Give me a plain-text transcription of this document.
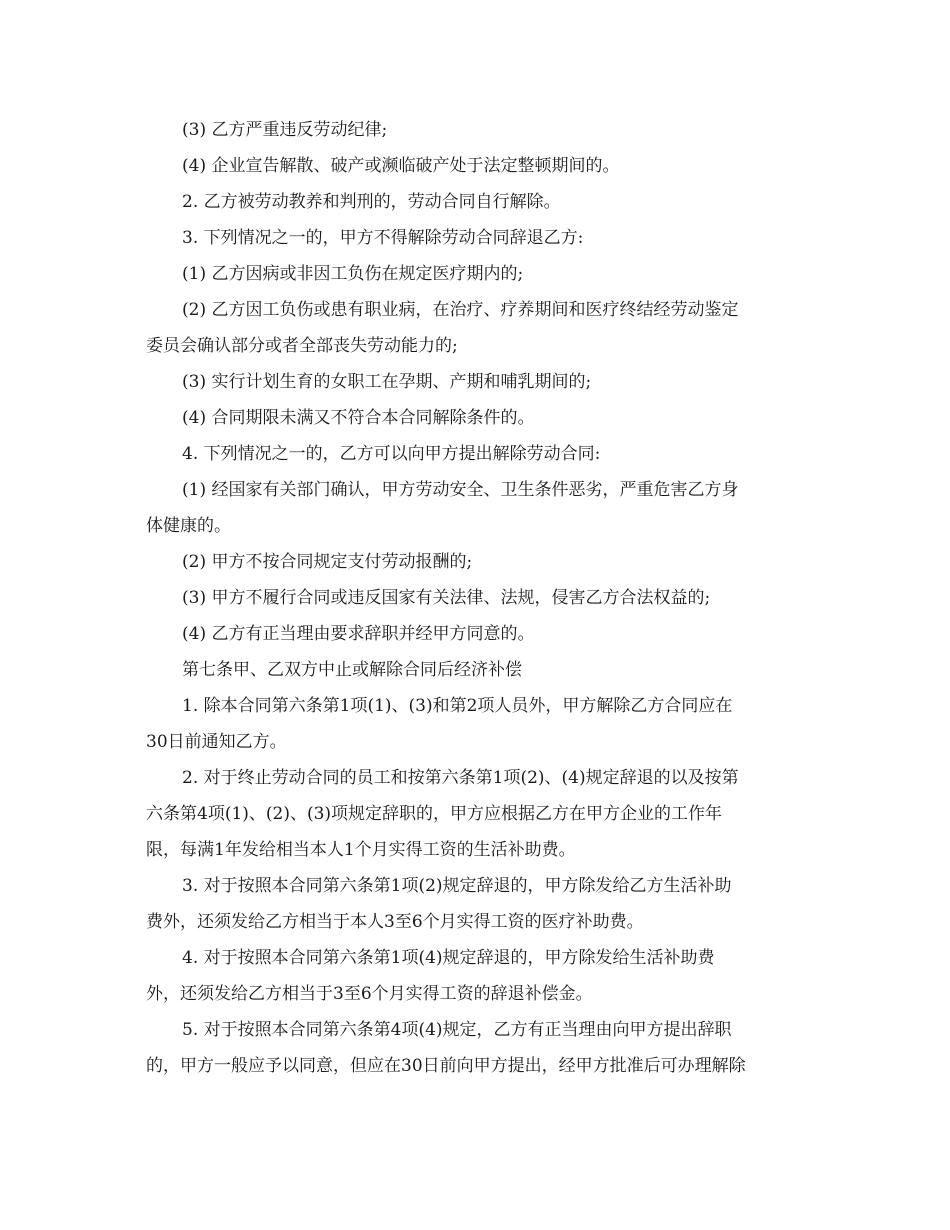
(3) 乙方严重违反劳动纪律;
(4) 企业宣告解散、破产或濒临破产处于法定整顿期间的。
2. 乙方被劳动教养和判刑的，劳动合同自行解除。
3. 下列情况之一的，甲方不得解除劳动合同辞退乙方:
(1) 乙方因病或非因工负伤在规定医疗期内的;
(2) 乙方因工负伤或患有职业病，在治疗、疗养期间和医疗终结经劳动鉴定
委员会确认部分或者全部丧失劳动能力的;
(3) 实行计划生育的女职工在孕期、产期和哺乳期间的;
(4) 合同期限未满又不符合本合同解除条件的。
4. 下列情况之一的，乙方可以向甲方提出解除劳动合同:
(1) 经国家有关部门确认，甲方劳动安全、卫生条件恶劣，严重危害乙方身
体健康的。
(2) 甲方不按合同规定支付劳动报酬的;
(3) 甲方不履行合同或违反国家有关法律、法规，侵害乙方合法权益的;
(4) 乙方有正当理由要求辞职并经甲方同意的。
第七条甲、乙双方中止或解除合同后经济补偿
1. 除本合同第六条第1项(1)、(3)和第2项人员外，甲方解除乙方合同应在
30日前通知乙方。
2. 对于终止劳动合同的员工和按第六条第1项(2)、(4)规定辞退的以及按第
六条第4项(1)、(2)、(3)项规定辞职的，甲方应根据乙方在甲方企业的工作年
限，每满1年发给相当本人1个月实得工资的生活补助费。
3. 对于按照本合同第六条第1项(2)规定辞退的，甲方除发给乙方生活补助
费外，还须发给乙方相当于本人3至6个月实得工资的医疗补助费。
4. 对于按照本合同第六条第1项(4)规定辞退的，甲方除发给生活补助费
外，还须发给乙方相当于3至6个月实得工资的辞退补偿金。
5. 对于按照本合同第六条第4项(4)规定，乙方有正当理由向甲方提出辞职
的，甲方一般应予以同意，但应在30日前向甲方提出，经甲方批准后可办理解除
